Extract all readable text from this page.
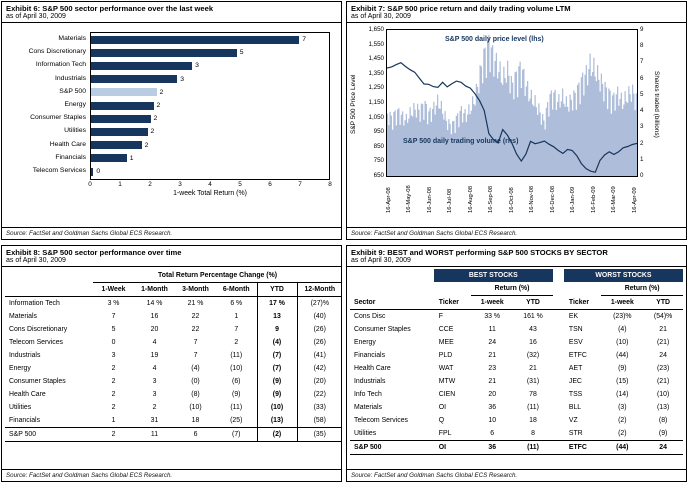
Exhibit 6: S&P 500 sector performance over the last week
as of April 30, 2009
Materials
Cons Discretionary
Information Tech
Industrials
S&P 500
Energy
Consumer Staples
Utilities
Health Care
Financials
Telecom Services
7
5
3
3
2
2
2
2
2
1
0
0	1	2	3	4	5	6	7	8
1-week Total Return (%)
Source: FactSet and Goldman Sachs Global ECS Research.
Exhibit 7: S&P 500 price return and daily trading volume LTM
as of April 30, 2009
S&P 500 Price Level
1,650
1,550
1,450
1,350
1,250
1,150
1,050
950
850
750
650
S&P 500 daily price level (lhs)
S&P 500 daily trading volume (rhs)
16-Apr-08 16-May-08 16-Jun-08 16-Jul-08 16-Aug-08 16-Sep-08 16-Oct-08 16-Nov-08 16-Dec-08 16-Jan-09 16-Feb-09 16-Mar-09 16-Apr-09
9
8
7
6
5
4
3
2
1
0
Shares traded (billions)
Source: FactSet and Goldman Sachs Global ECS Research.
Exhibit 8: S&P 500 sector performance over time
as of April 30, 2009
	Total Return Percentage Change (%)					
	1-Week	1-Month	3-Month	6-Month	YTD	12-Month
Information Tech	3 %	14 %	21 %	6 %	17 %	(27)%
Materials	7	16	22	1	13	(40)
Cons Discretionary	5	20	22	7	9	(26)
Telecom Services	0	4	7	2	(4)	(26)
Industrials	3	19	7	(11)	(7)	(41)
Energy	2	4	(4)	(10)	(7)	(42)
Consumer Staples	2	3	(0)	(6)	(9)	(20)
Health Care	2	3	(8)	(9)	(9)	(22)
Utilities	2	2	(10)	(11)	(10)	(33)
Financials	1	31	18	(25)	(13)	(58)
S&P 500	2	11	6	(7)	(2)	(35)
Source: FactSet and Goldman Sachs Global ECS Research.
Exhibit 9: BEST and WORST performing S&P 500 STOCKS BY SECTOR
as of April 30, 2009
	BEST STOCKS				WORST STOCKS		
		Return (%)				Return (%)	
Sector	Ticker	1-week	YTD		Ticker	1-week	YTD
Cons Disc	F	33 %	161 %		EK	(23)%	(54)%
Consumer Staples	CCE	11	43		TSN	(4)	21
Energy	MEE	24	16		ESV	(10)	(21)
Financials	PLD	21	(32)		ETFC	(44)	24
Health Care	WAT	23	21		AET	(9)	(23)
Industrials	MTW	21	(31)		JEC	(15)	(21)
Info Tech	CIEN	20	78		TSS	(14)	(10)
Materials	OI	36	(11)		BLL	(3)	(13)
Telecom Services	Q	10	18		VZ	(2)	(8)
Utilities	FPL	6	8		STR	(2)	(9)
S&P 500	OI	36	(11)		ETFC	(44)	24
Source: FactSet and Goldman Sachs Global ECS Research.
